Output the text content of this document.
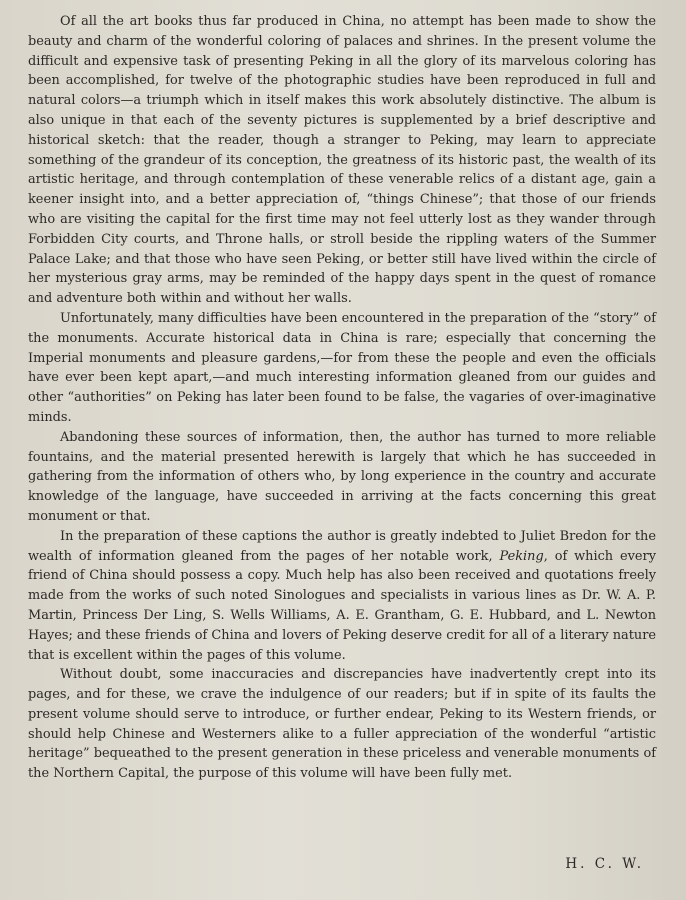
Of all the art books thus far produced in China, no attempt has been made to show the beauty and charm of the wonderful coloring of palaces and shrines. In the present volume the difficult and expensive task of presenting Peking in all the glory of its marvelous coloring has been accomplished, for twelve of the photographic studies have been reproduced in full and natural colors—a triumph which in itself makes this work absolutely distinctive. The album is also unique in that each of the seventy pictures is supplemented by a brief descriptive and historical sketch: that the reader, though a stranger to Peking, may learn to appreciate something of the grandeur of its conception, the greatness of its historic past, the wealth of its artistic heritage, and through contemplation of these venerable relics of a distant age, gain a keener insight into, and a better appreciation of, “things Chinese”; that those of our friends who are visiting the capital for the first time may not feel utterly lost as they wander through Forbidden City courts, and Throne halls, or stroll beside the rippling waters of the Summer Palace Lake; and that those who have seen Peking, or better still have lived within the circle of her mysterious gray arms, may be reminded of the happy days spent in the quest of romance and adventure both within and without her walls.

Unfortunately, many difficulties have been encountered in the preparation of the “story” of the monuments. Accurate historical data in China is rare; especially that concerning the Imperial monuments and pleasure gardens,—for from these the people and even the officials have ever been kept apart,—and much interesting information gleaned from our guides and other “authorities” on Peking has later been found to be false, the vagaries of over-imaginative minds.

Abandoning these sources of information, then, the author has turned to more reliable fountains, and the material presented herewith is largely that which he has succeeded in gathering from the information of others who, by long experience in the country and accurate knowledge of the language, have succeeded in arriving at the facts concerning this great monument or that.

In the preparation of these captions the author is greatly indebted to Juliet Bredon for the wealth of information gleaned from the pages of her notable work, Peking, of which every friend of China should possess a copy. Much help has also been received and quotations freely made from the works of such noted Sinologues and specialists in various lines as Dr. W. A. P. Martin, Princess Der Ling, S. Wells Williams, A. E. Grantham, G. E. Hubbard, and L. Newton Hayes; and these friends of China and lovers of Peking deserve credit for all of a literary nature that is excellent within the pages of this volume.

Without doubt, some inaccuracies and discrepancies have inadvertently crept into its pages, and for these, we crave the indulgence of our readers; but if in spite of its faults the present volume should serve to introduce, or further endear, Peking to its Western friends, or should help Chinese and Westerners alike to a fuller appreciation of the wonderful “artistic heritage” bequeathed to the present generation in these priceless and venerable monuments of the Northern Capital, the purpose of this volume will have been fully met.

H. C. W.
